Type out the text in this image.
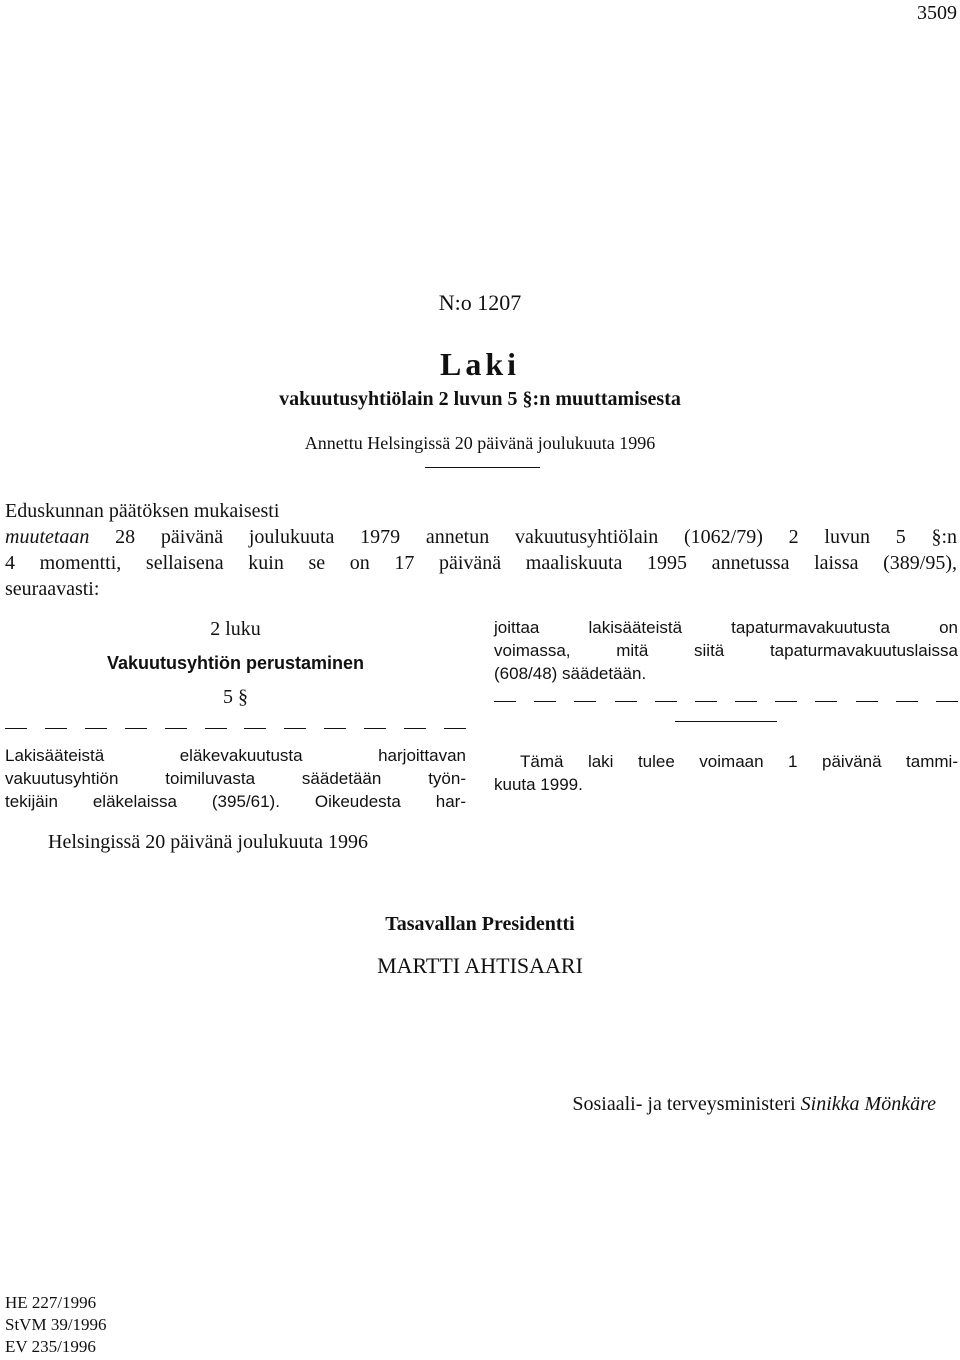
3509
N:o 1207
Laki
vakuutusyhtiölain 2 luvun 5 §:n muuttamisesta
Annettu Helsingissä 20 päivänä joulukuuta 1996
Eduskunnan päätöksen mukaisesti
muutetaan 28 päivänä joulukuuta 1979 annetun vakuutusyhtiölain (1062/79) 2 luvun 5 §:n
4 momentti, sellaisena kuin se on 17 päivänä maaliskuuta 1995 annetussa laissa (389/95),
seuraavasti:
2 luku
Vakuutusyhtiön perustaminen
5 §
Lakisääteistä eläkevakuutusta harjoittavan
vakuutusyhtiön toimiluvasta säädetään työn-
tekijäin eläkelaissa (395/61). Oikeudesta har-
joittaa lakisääteistä tapaturmavakuutusta on
voimassa, mitä siitä tapaturmavakuutuslaissa
(608/48) säädetään.
Tämä laki tulee voimaan 1 päivänä tammi-
kuuta 1999.
Helsingissä 20 päivänä joulukuuta 1996
Tasavallan Presidentti
MARTTI AHTISAARI
Sosiaali- ja terveysministeri Sinikka Mönkäre
HE 227/1996
StVM 39/1996
EV 235/1996
